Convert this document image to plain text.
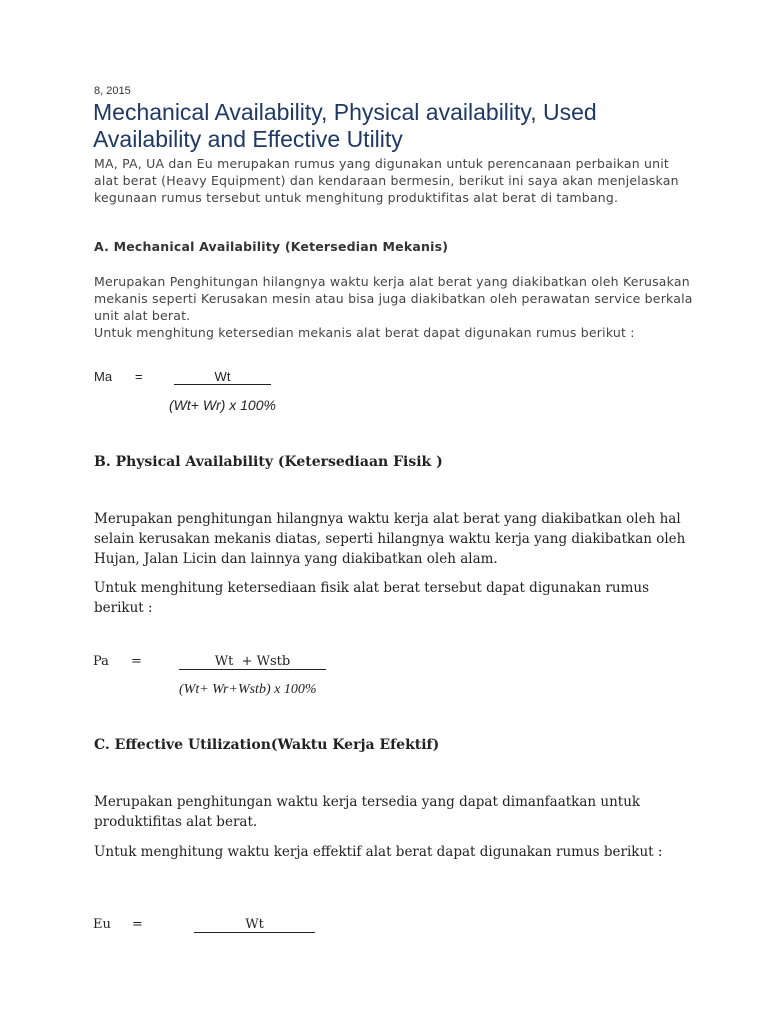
8, 2015
Mechanical Availability, Physical availability, Used Availability and Effective Utility
MA, PA, UA dan Eu merupakan rumus yang digunakan untuk perencanaan perbaikan unit alat berat (Heavy Equipment) dan kendaraan bermesin, berikut ini saya akan menjelaskan kegunaan rumus tersebut untuk menghitung produktifitas alat berat di tambang.
A. Mechanical Availability (Ketersedian Mekanis)
Merupakan Penghitungan hilangnya waktu kerja alat berat yang diakibatkan oleh Kerusakan mekanis seperti Kerusakan mesin atau bisa juga diakibatkan oleh perawatan service berkala unit alat berat.
Untuk menghitung ketersedian mekanis alat berat dapat digunakan rumus berikut :
Ma =	Wt
(Wt+ Wr) x 100%
B. Physical Availability (Ketersediaan Fisik )
Merupakan penghitungan hilangnya waktu kerja alat berat yang diakibatkan oleh hal selain kerusakan mekanis diatas, seperti hilangnya waktu kerja yang diakibatkan oleh Hujan, Jalan Licin dan lainnya yang diakibatkan oleh alam.
Untuk menghitung ketersediaan fisik alat berat tersebut dapat digunakan rumus berikut :
Pa =	Wt  + Wstb
(Wt+ Wr+Wstb) x 100%
C. Effective Utilization(Waktu Kerja Efektif)
Merupakan penghitungan waktu kerja tersedia yang dapat dimanfaatkan untuk produktifitas alat berat.
Untuk menghitung waktu kerja effektif alat berat dapat digunakan rumus berikut :
Eu =	Wt
